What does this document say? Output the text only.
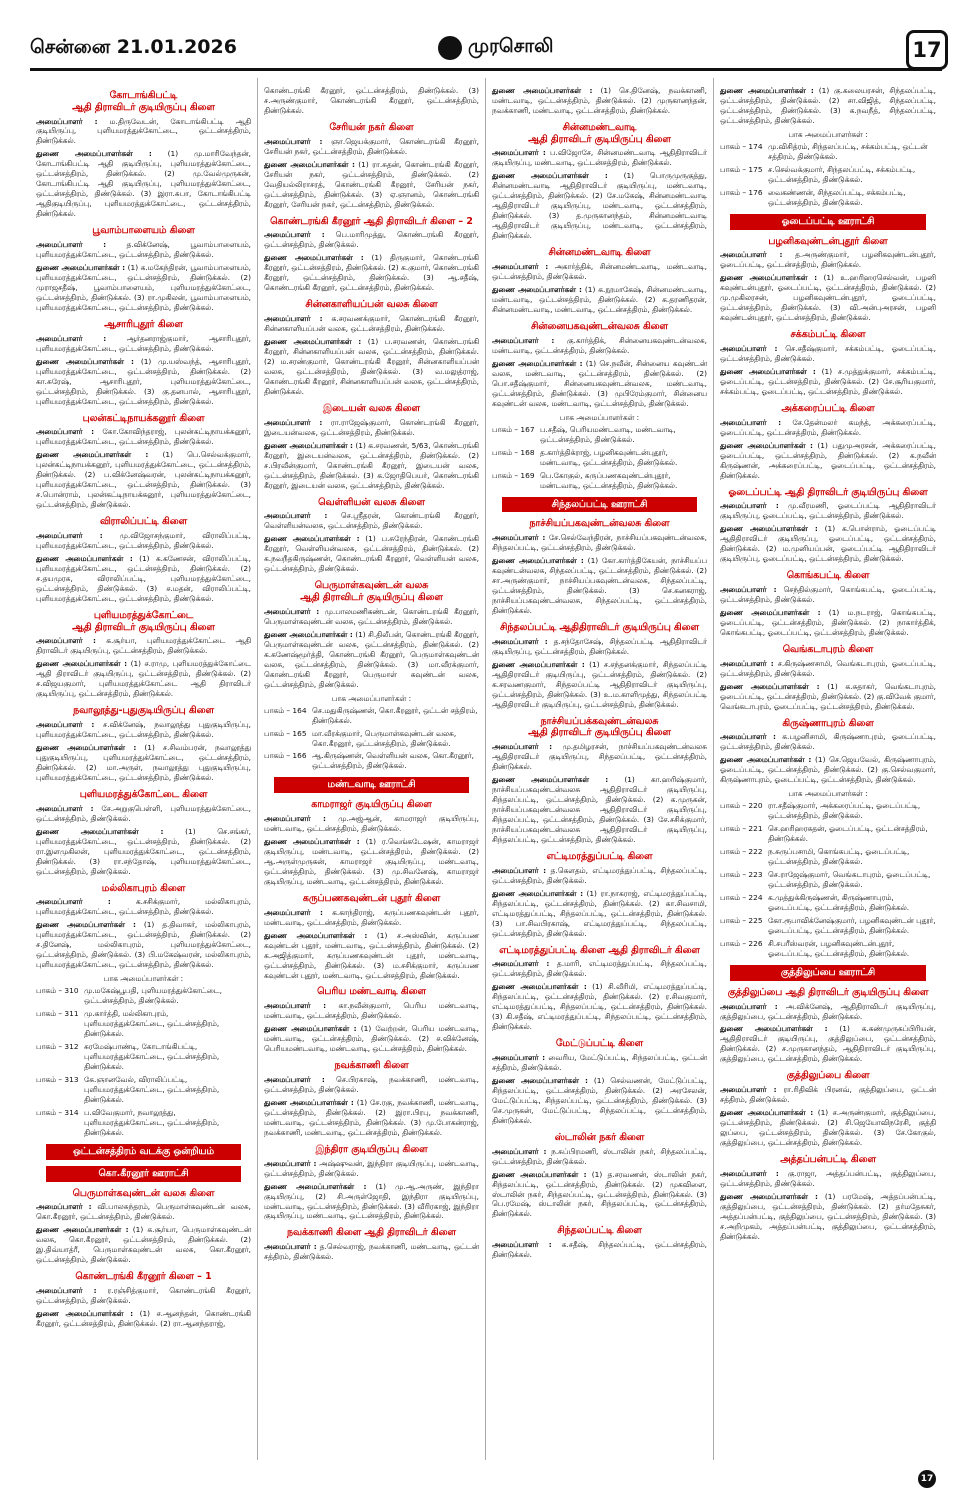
சென்னை 21.01.2026	முரசொலி	17
கோடாங்கிபட்டி
ஆதி திராவிடர் குடியிருப்பு கிளை
அமைப்பாளர் : ம.திருவேடன், கோடாங்கிபட்டி ஆதி குடியிருப்பு, புளியமரத்துக்கோட்டை, ஒட்டன்சத்திரம், திண்டுக்கல்.
துணை அமைப்பாளர்கள் : (1) மு.மாரிவேந்தன், கோடாங்கிபட்டி ஆதி குடியிருப்பு, புளியமரத்துக்கோட்டை, ஒட்டன்சத்திரம், திண்டுக்கல். (2) மு.வேல்முருகன், கோடாங்கிபட்டி ஆதி குடியிருப்பு, புளியமரத்துக்கோட்டை, ஒட்டன்சத்திரம், திண்டுக்கல். (3) இரா.சுபா, கோடாங்கிபட்டி ஆதிகுடியிருப்பு, புளியமரத்துக்கோட்டை, ஒட்டன்சத்திரம், திண்டுக்கல்.
பூவாம்பாளையம் கிளை
அமைப்பாளர் : த.விக்னேஷ், பூவாம்பாளையம், புளியமரத்துக்கோட்டை, ஒட்டன்சத்திரம், திண்டுக்கல்.
துணை அமைப்பாளர்கள் : (1) க.மகேந்திரன், பூவாம்பாளையம், புளியமரத்துக்கோட்டை, ஒட்டன்சத்திரம், திண்டுக்கல். (2) முராஜசதீஷ், பூவாம்பாளையம், புளியமரத்துக்கோட்டை, ஒட்டன்சத்திரம், திண்டுக்கல். (3) ரா.முகிலன், பூவாம்பாளையம், புளியமரத்துக்கோட்டை, ஒட்டன்சத்திரம், திண்டுக்கல்.
ஆசாரிபுதூர் கிளை
அமைப்பாளர் : ஆர்தனராஜ்குமார், ஆசாரிபுதூர், புளியமரத்துக்கோட்டை, ஒட்டன்சத்திரம், திண்டுக்கல்.
துணை அமைப்பாளர்கள் : (1) மு.யஸ்வந்த், ஆசாரிபுதூர், புளியமரத்துக்கோட்டை, ஒட்டன்சத்திரம், திண்டுக்கல். (2) கா.சுரேஷ், ஆசாரிபுதூர், புளியமரத்துக்கோட்டை, ஒட்டன்சத்திரம், திண்டுக்கல். (3) கு.தனபால், ஆசாரிபுதூர், புளியமரத்துக்கோட்டை, ஒட்டன்சத்திரம், திண்டுக்கல்.
புலன்கட்டிநாயக்கனூர் கிளை
அமைப்பாளர் : கோ.கோவிந்தராஜ், புலன்கட்டிநாயக்கனூர், புளியமரத்துக்கோட்டை, ஒட்டன்சத்திரம், திண்டுக்கல்.
துணை அமைப்பாளர்கள் : (1) பெ.செல்வக்குமார், புலன்கட்டிநாயக்கனூர், புளியமரத்துக்கோட்டை, ஒட்டன்சத்திரம், திண்டுக்கல். (2) ப.விக்னேஷ்வரன், புலன்கட்டிநாயக்கனூர், புளியமரத்துக்கோட்டை, ஒட்டன்சத்திரம், திண்டுக்கல். (3) ச.பொன்ராம், புலன்கட்டிநாயக்கனூர், புளியமரத்துக்கோட்டை, ஒட்டன்சத்திரம், திண்டுக்கல்.
விராலிப்பட்டி கிளை
அமைப்பாளர் : மு.விஜோசந்குமார், விராலிப்பட்டி, புளியமரத்துக்கோட்டை, ஒட்டன்சத்திரம், திண்டுக்கல்.
துணை அமைப்பாளர்கள் : (1) க.கணேசன், விராலிப்பட்டி, புளியமரத்துக்கோட்டை, ஒட்டன்சத்திரம், திண்டுக்கல். (2) ச.தயமுரசு, விராலிப்பட்டி, புளியமரத்துக்கோட்டை, ஒட்டன்சத்திரம், திண்டுக்கல். (3) ச.மதன், விராலிப்பட்டி, புளியமரத்துக்கோட்டை, ஒட்டன்சத்திரம், திண்டுக்கல்.
புளியமரத்துக்கோட்டை
ஆதி திராவிடர் குடியிருப்பு கிளை
அமைப்பாளர் : க.சூர்யா, புளியமரத்துக்கோட்டை ஆதி திராவிடர் குடியிருப்பு, ஒட்டன்சத்திரம், திண்டுக்கல்.
துணை அமைப்பாளர்கள் : (1) ச.ராமு, புளியமரத்துக்கோட்டை ஆதி திராவிடர் குடியிருப்பு, ஒட்டன்சத்திரம், திண்டுக்கல். (2) ச.விஜயகுமார், புளியமரத்துக்கோட்டை ஆதி திராவிடர் குடியிருப்பு, ஒட்டன்சத்திரம், திண்டுக்கல்.
நவாலூத்து-புதுகுடியிருப்பு கிளை
அமைப்பாளர் : ச.விக்னேஷ், நவாலூத்து புதுகுடியிருப்பு, புளியமரத்துக்கோட்டை, ஒட்டன்சத்திரம், திண்டுக்கல்.
துணை அமைப்பாளர்கள் : (1) ச.சிவம்பரன், நவாலூத்து புதுகுடியிருப்பு, புளியமரத்துக்கோட்டை, ஒட்டன்சத்திரம், திண்டுக்கல். (2) மா.அருள், நவாலூத்து புதுகுடியிருப்பு, புளியமரத்துக்கோட்டை, ஒட்டன்சத்திரம், திண்டுக்கல்.
புளியமரத்துக்கோட்டை கிளை
அமைப்பாளர் : சே.அறுகுபெள்ளி, புளியமரத்துக்கோட்டை, ஒட்டன்சத்திரம், திண்டுக்கல்.
துணை அமைப்பாளர்கள் : (1) செ.சங்கர், புளியமரத்துக்கோட்டை, ஒட்டன்சத்திரம், திண்டுக்கல். (2) ரா.இளமுகிலன், புளியமரத்துக்கோட்டை, ஒட்டன்சத்திரம், திண்டுக்கல். (3) ரா.சந்தோஷ், புளியமரத்துக்கோட்டை, ஒட்டன்சத்திரம், திண்டுக்கல்.
மல்லிகாபுரம் கிளை
அமைப்பாளர் : க.சசிக்குமார், மல்லிகாபுரம், புளியமரத்துக்கோட்டை, ஒட்டன்சத்திரம், திண்டுக்கல்.
துணை அமைப்பாளர்கள் : (1) த.திவாகர், மல்லிகாபுரம், புளியமரத்துக்கோட்டை, ஒட்டன்சத்திரம், திண்டுக்கல். (2) ச.தினேஷ், மல்லிகாபுரம், புளியமரத்துக்கோட்டை, ஒட்டன்சத்திரம், திண்டுக்கல். (3) பி.மகேஷ்வரன், மல்லிகாபுரம், புளியமரத்துக்கோட்டை, ஒட்டன்சத்திரம், திண்டுக்கல்.
பாக அமைப்பாளர்கள் :
பாகம் – 310 மு.மகேஷ்பூபதி, புளியமரத்துக்கோட்டை, ஒட்டன்சத்திரம், திண்டுக்கல்.
பாகம் – 311 மு.கார்த்தி, மல்லிகாபுரம், புளியமரத்துக்கோட்டை, ஒட்டன்சத்திரம், திண்டுக்கல்.
பாகம் – 312 சுரமேஷ்பாண்டி, கோடாங்கிபட்டி, புளியமரத்துக்கோட்டை, ஒட்டன்சத்திரம், திண்டுக்கல்.
பாகம் – 313 கே.ஞானவேல், விராலிப்பட்டி, புளியமரத்துக்கோட்டை, ஒட்டன்சத்திரம், திண்டுக்கல்.
பாகம் – 314 ப.விவேகுமார், நவாலூத்து, புளியமரத்துக்கோட்டை, ஒட்டன்சத்திரம், திண்டுக்கல்.
ஒட்டன்சத்திரம் வடக்கு ஒன்றியம்
கொ.கீரனூர் ஊராட்சி
பெருமாள்கவுண்டன் வலசு கிளை
அமைப்பாளர் : வி.பாலசுந்தரம், பெருமாள்கவுண்டன் வலசு, கொ.கீரனூர், ஒட்டன்சத்திரம், திண்டுக்கல்.
துணை அமைப்பாளர்கள் : (1) க.சூர்யா, பெருமாள்கவுண்டன் வலசு, கொ.கீரனூர், ஒட்டன்சத்திரம், திண்டுக்கல். (2) இ.திவ்யாத்ரீ, பெருமாள்கவுண்டன் வலசு, கொ.கீரனூர், ஒட்டன்சத்திரம், திண்டுக்கல்.
கொண்டரங்கி கீரனூர் கிளை – 1
அமைப்பாளர் : ர.ரஞ்சித்குமார், கொண்டரங்கி கீரனூர், ஒட்டன்சத்திரம், திண்டுக்கல்.
துணை அமைப்பாளர்கள் : (1) ச.ஆனந்தன், கொண்டரங்கி கீரனூர், ஒட்டன்சத்திரம், திண்டுக்கல். (2) ரா.ஆனந்தராஜ்,
கொண்டரங்கி கீரனூர், ஒட்டன்சத்திரம், திண்டுக்கல். (3) ச.அருண்குமார், கொண்டரங்கி கீரனூர், ஒட்டன்சத்திரம், திண்டுக்கல்.
சேரியன் நகர் கிளை
அமைப்பாளர் : ஞா.ஜெயக்குமார், கொண்டரங்கி கீரனூர், சேரியன் நகர், ஒட்டன்சத்திரம், திண்டுக்கல்.
துணை அமைப்பாளர்கள் : (1) ரா.சுதன், கொண்டரங்கி கீரனூர், சேரியன் நகர், ஒட்டன்சத்திரம், திண்டுக்கல். (2) வேதியல்லிராசரத், கொண்டரங்கி கீரனூர், சேரியன் நகர், ஒட்டன்சத்திரம், திண்டுக்கல். (3) ஏ.ஞானம், கொண்டரங்கி கீரனூர், சேரியன் நகர், ஒட்டன்சத்திரம், திண்டுக்கல்.
கொண்டரங்கி கீரனூர் ஆதி திராவிடர் கிளை – 2
அமைப்பாளர் : பெ.மாரிமுத்து, கொண்டரங்கி கீரனூர், ஒட்டன்சத்திரம், திண்டுக்கல்.
துணை அமைப்பாளர்கள் : (1) திருகுமார், கொண்டரங்கி கீரனூர், ஒட்டன்சத்திரம், திண்டுக்கல். (2) க.குமார், கொண்டரங்கி கீரனூர், ஒட்டன்சத்திரம், திண்டுக்கல். (3) ஆ.சதீஷ், கொண்டரங்கி கீரனூர், ஒட்டன்சத்திரம், திண்டுக்கல்.
சின்னகாளியப்பன் வலசு கிளை
அமைப்பாளர் : க.சரவணக்குமார், கொண்டரங்கி கீரனூர், சின்னகாளியப்பன் வலசு, ஒட்டன்சத்திரம், திண்டுக்கல்.
துணை அமைப்பாளர்கள் : (1) ப.சரவணன், கொண்டரங்கி கீரனூர், சின்னகாளியப்பன் வலசு, ஒட்டன்சத்திரம், திண்டுக்கல். (2) ம.சரண்குமார், கொண்டரங்கி கீரனூர், சின்னகாளியப்பன் வலசு, ஒட்டன்சத்திரம், திண்டுக்கல். (3) வ.மலுத்ராஜ், கொண்டரங்கி கீரனூர், சின்னகாளியப்பன் வலசு, ஒட்டன்சத்திரம், திண்டுக்கல்.
இடையன் வலசு கிளை
அமைப்பாளர் : ரா.ராஜேஷ்குமார், கொண்டரங்கி கீரனூர், இடையன்வலசு, ஒட்டன்சத்திரம், திண்டுக்கல்.
துணை அமைப்பாளர்கள் : (1) க.சரவணன், 5/63, கொண்டரங்கி கீரனூர், இடையன்வலசு, ஒட்டன்சத்திரம், திண்டுக்கல். (2) ச.பிரவீன்குமார், கொண்டரங்கி கீரனூர், இடையன் வலசு, ஒட்டன்சத்திரம், திண்டுக்கல். (3) க.ஜோதிபெயர், கொண்டரங்கி கீரனூர், இடையன் வலசு, ஒட்டன்சத்திரம், திண்டுக்கல்.
வெள்ளியன் வலசு கிளை
அமைப்பாளர் : செ.ஸ்ரீதரன், கொண்டரங்கி கீரனூர், வெள்ளியன்வலசு, ஒட்டன்சத்திரம், திண்டுக்கல்.
துணை அமைப்பாளர்கள் : (1) ப.சுரேந்திரன், கொண்டரங்கி கீரனூர், வெள்ளியன்வலசு, ஒட்டன்சத்திரம், திண்டுக்கல். (2) க.நவநீதகிருஷ்ணன், கொண்டரங்கி கீரனூர், வெள்ளியன் வலசு, ஒட்டன்சத்திரம், திண்டுக்கல்.
பெருமாள்கவுண்டன் வலசு
ஆதி திராவிடர் குடியிருப்பு கிளை
அமைப்பாளர் : மு.பாலமணிகண்டன், கொண்டரங்கி கீரனூர், பெருமாள்கவுண்டன் வலசு, ஒட்டன்சத்திரம், திண்டுக்கல்.
துணை அமைப்பாளர்கள் : (1) சி.திலீபன், கொண்டரங்கி கீரனூர், பெருமாள்கவுண்டன் வலசு, ஒட்டன்சத்திரம், திண்டுக்கல். (2) க.கணேஷ்மூர்த்தி, கொண்டரங்கி கீரனூர், பெருமாள்கவுண்டன் வலசு, ஒட்டன்சத்திரம், திண்டுக்கல். (3) மா.வீரக்குமார், கொண்டரங்கி கீரனூர், பெருமாள் கவுண்டன் வலசு, ஒட்டன்சத்திரம், திண்டுக்கல்.
பாக அமைப்பாளர்கள் :
பாகம் – 164 செ.மதுகிருஷ்ணன், கொ.கீரனூர், ஒட்டன் சத்திரம், திண்டுக்கல்.
பாகம் – 165 மா.வீரக்குமார், பெருமாள்கவுண்டன் வலசு, கொ.கீரனூர், ஒட்டன்சத்திரம், திண்டுக்கல்.
பாகம் – 166 ஆ.கிருஷ்ணன், வெள்ளியன் வலசு, கொ.கீரனூர், ஒட்டன்சத்திரம், திண்டுக்கல்.
மண்டவாடி ஊராட்சி
காமராஜர் குடியிருப்பு கிளை
அமைப்பாளர் : மு.அஜ்ஆன், காமராஜர் குடியிருப்பு, மண்டவாடி, ஒட்டன்சத்திரம், திண்டுக்கல்.
துணை அமைப்பாளர்கள் : (1) ர.வெங்கடேஷன், காமராஜர் குடியிருப்பு, மண்டவாடி, ஒட்டன்சத்திரம், திண்டுக்கல். (2) ஆ.அருள்முருகன், காமராஜர் குடியிருப்பு, மண்டவாடி, ஒட்டன்சத்திரம், திண்டுக்கல். (3) மு.சிவனேஷ், காமராஜர் குடியிருப்பு, மண்டவாடி, ஒட்டன்சத்திரம், திண்டுக்கல்.
கருப்பணகவுண்டன் புதூர் கிளை
அமைப்பாளர் : க.காந்திராஜ், கருப்பணகவுண்டன் புதூர், மண்டவாடி, ஒட்டன்சத்திரம், திண்டுக்கல்.
துணை அமைப்பாளர்கள் : (1) ச.அஸ்வின், கருப்பண கவுண்டன் புதூர், மண்டவாடி, ஒட்டன்சத்திரம், திண்டுக்கல். (2) க.அஜித்குமார், கருப்பணகவுண்டன் புதூர், மண்டவாடி, ஒட்டன்சத்திரம், திண்டுக்கல். (3) ம.சசிக்குமார், கருப்பண கவுண்டன் புதூர், மண்டவாடி, ஒட்டன்சத்திரம், திண்டுக்கல்.
பெரிய மண்டவாடி கிளை
அமைப்பாளர் : கா.நவீன்குமார், பெரிய மண்டவாடி, மண்டவாடி, ஒட்டன்சத்திரம், திண்டுக்கல்.
துணை அமைப்பாளர்கள் : (1) வேற்றன், பெரிய மண்டவாடி, மண்டவாடி, ஒட்டன்சத்திரம், திண்டுக்கல். (2) ச.விக்னேஷ், பெரியமண்டவாடி, மண்டவாடி, ஒட்டன்சத்திரம், திண்டுக்கல்.
நவக்காணி கிளை
அமைப்பாளர் : செ.பிரகாஷ், நவக்காணி, மண்டவாடி, ஒட்டன்சத்திரம், திண்டுக்கல்.
துணை அமைப்பாளர்கள் : (1) சே.ரகு, நவக்காணி, மண்டவாடி, ஒட்டன்சத்திரம், திண்டுக்கல். (2) இரா.பிரபு, நவக்காணி, மண்டவாடி, ஒட்டன்சத்திரம், திண்டுக்கல். (3) மு.போகன்ராஜ், நவக்காணி, மண்டவாடி, ஒட்டன்சத்திரம், திண்டுக்கல்.
இந்திரா குடியிருப்பு கிளை
அமைப்பாளர் : அஷ்ஷுவன், இந்திரா குடியிருப்பு, மண்டவாடி, ஒட்டன்சத்திரம், திண்டுக்கல்.
துணை அமைப்பாளர்கள் : (1) மு.ஆ.அருண், இந்திரா குடியிருப்பு, (2) சி.அருள்ஜோதி, இந்திரா குடியிருப்பு, மண்டவாடி, ஒட்டன்சத்திரம், திண்டுக்கல். (3) வீரிரகாஜ், இந்திரா குடியிருப்பு, மண்டவாடி, ஒட்டன்சத்திரம், திண்டுக்கல்.
நவக்காணி கிளை ஆதி திராவிடர் கிளை
அமைப்பாளர் : த.செல்வராஜ், நவக்காணி, மண்டவாடி, ஒட்டன் சத்திரம், திண்டுக்கல்.
துணை அமைப்பாளர்கள் : (1) செ.தினேஷ், நவக்காணி, மண்டவாடி, ஒட்டன்சத்திரம், திண்டுக்கல். (2) முருகானந்தன், நவக்காணி, மண்டவாடி, ஒட்டன்சத்திரம், திண்டுக்கல்.
சின்னமண்டவாடி
ஆதி திராவிடர் குடியிருப்பு கிளை
அமைப்பாளர் : ப.விஜோசே, சின்னமண்டவாடி ஆதிதிராவிடர் குடியிருப்பு, மண்டவாடி, ஒட்டன்சத்திரம், திண்டுக்கல்.
துணை அமைப்பாளர்கள் : (1) பொருமுருகுத்து, சின்னமண்டவாடி ஆதிதிராவிடர் குடியிருப்பு, மண்டவாடி, ஒட்டன்சத்திரம், திண்டுக்கல். (2) சே.மகேஷ், சின்னமண்டவாடி ஆதிதிராவிடர் குடியிருப்பு, மண்டவாடி, ஒட்டன்சத்திரம், திண்டுக்கல். (3) த.முருகானந்தம், சின்னமண்டவாடி ஆதிதிராவிடர் குடியிருப்பு, மண்டவாடி, ஒட்டன்சத்திரம், திண்டுக்கல்.
சின்னமண்டவாடி கிளை
அமைப்பாளர் : அகார்த்திக், சின்னமண்டவாடி, மண்டவாடி, ஒட்டன்சத்திரம், திண்டுக்கல்.
துணை அமைப்பாளர்கள் : (1) க.நூமாகேஷ், சின்னமண்டவாடி, மண்டவாடி, ஒட்டன்சத்திரம், திண்டுக்கல். (2) க.தரணிதரன், சின்னமண்டவாடி, மண்டவாடி, ஒட்டன்சத்திரம், திண்டுக்கல்.
சின்னையகவுண்டன்வலசு கிளை
அமைப்பாளர் : கு.கார்த்திக், சின்னையகவுண்டன்வலசு, மண்டவாடி, ஒட்டன்சத்திரம், திண்டுக்கல்.
துணை அமைப்பாளர்கள் : (1) செ.நவீன், சின்னைய கவுண்டன் வலசு, மண்டவாடி, ஒட்டன்சத்திரம், திண்டுக்கல். (2) பொ.சதீஷ்குமார், சின்னையகவுண்டன்வலசு, மண்டவாடி, ஒட்டன்சத்திரம், திண்டுக்கல். (3) முபிரேம்குமார், சின்னைய கவுண்டன் வலசு, மண்டவாடி, ஒட்டன்சத்திரம், திண்டுக்கல்.
பாக அமைப்பாளர்கள் :
பாகம் – 167 ப.சதீஷ், பெரியமண்டவாடி, மண்டவாடி, ஒட்டன்சத்திரம், திண்டுக்கல்.
பாகம் – 168 த.கார்த்திக்ராஜ், பழனிகவுண்டன்புதூர், மண்டவாடி, ஒட்டன்சத்திரம், திண்டுக்கல்.
பாகம் – 169 பெ.கோகுல், கருப்பணகவுண்டன்புதூர், மண்டவாடி, ஒட்டன்சத்திரம், திண்டுக்கல்.
சிந்தலப்பட்டி ஊராட்சி
நாச்சியப்பகவுண்டன்வலசு கிளை
அமைப்பாளர் : சே.செல்வேந்திரன், நாச்சியப்பகவுண்டன்வலசு, சிந்தலப்பட்டி, ஒட்டன்சத்திரம், திண்டுக்கல்.
துணை அமைப்பாளர்கள் : (1) கோ.கார்த்திகேயன், நாச்சியப்ப கவுண்டன்வலசு, சிந்தலப்பட்டி, ஒட்டன்சத்திரம், திண்டுக்கல். (2) சா.அருண்குமார், நாச்சியப்பகவுண்டன்வலசு, சிந்தலப்பட்டி, ஒட்டன்சத்திரம், திண்டுக்கல். (3) செ.கனகராஜ், நாச்சியப்பகவுண்டன்வலசு, சிந்தலப்பட்டி, ஒட்டன்சத்திரம், திண்டுக்கல்.
சிந்தலப்பட்டி ஆதிதிராவிடர் குடியிருப்பு கிளை
அமைப்பாளர் : த.சந்தோசேஷ், சிந்தலப்பட்டி ஆதிதிராவிடர் குடியிருப்பு, ஒட்டன்சத்திரம், திண்டுக்கல்.
துணை அமைப்பாளர்கள் : (1) ச.சந்தனக்குமார், சிந்தலப்பட்டி ஆதிதிராவிடர் குடியிருப்பு, ஒட்டன்சத்திரம், திண்டுக்கல். (2) க.சரவணகுமார், சிந்தலப்பட்டி ஆதிதிராவிடர் குடியிருப்பு, ஒட்டன்சத்திரம், திண்டுக்கல். (3) உ.ம.காளிமுத்து, சிந்தலப்பட்டி ஆதிதிராவிடர் குடியிருப்பு, ஒட்டன்சத்திரம், திண்டுக்கல்.
நாச்சியப்பக்கவுண்டன்வலசு
ஆதி திராவிடர் குடியிருப்பு கிளை
அமைப்பாளர் : மு.தமிழரசன், நாச்சியப்பகவுண்டன்வலசு ஆதிதிராவிடர் குடியிருப்பு, சிந்தலப்பட்டி, ஒட்டன்சத்திரம், திண்டுக்கல்.
துணை அமைப்பாளர்கள் : (1) கா.ஹரிஷ்குமார், நாச்சியப்பகவுண்டன்வலசு ஆதிதிராவிடர் குடியிருப்பு, சிந்தலப்பட்டி, ஒட்டன்சத்திரம், திண்டுக்கல். (2) க.முருகன், நாச்சியப்பகவுண்டன்வலசு ஆதிதிராவிடர் குடியிருப்பு, சிந்தலப்பட்டி, ஒட்டன்சத்திரம், திண்டுக்கல். (3) சே.சசிக்குமார், நாச்சியப்பகவுண்டன்வலசு ஆதிதிராவிடர் குடியிருப்பு, சிந்தலப்பட்டி, ஒட்டன்சத்திரம், திண்டுக்கல்.
எட்டிமரத்துப்பட்டி கிளை
அமைப்பாளர் : த.கௌதம், எட்டிமரத்துப்பட்டி, சிந்தலப்பட்டி, ஒட்டன்சத்திரம், திண்டுக்கல்.
துணை அமைப்பாளர்கள் : (1) ரா.நாகராஜ், எட்டிமரத்துப்பட்டி, சிந்தலப்பட்டி, ஒட்டன்சத்திரம், திண்டுக்கல். (2) கா.சிவசாமி, எட்டிமரத்துப்பட்டி, சிந்தலப்பட்டி, ஒட்டன்சத்திரம், திண்டுக்கல். (3) பா.சிவபிரகாஷ், எட்டிமரத்துப்பட்டி, சிந்தலப்பட்டி, ஒட்டன்சத்திரம், திண்டுக்கல்.
எட்டிமரத்துப்பட்டி கிளை ஆதி திராவிடர் கிளை
அமைப்பாளர் : த.மாரி, எட்டிமரத்துப்பட்டி, சிந்தலப்பட்டி, ஒட்டன்சத்திரம், திண்டுக்கல்.
துணை அமைப்பாளர்கள் : (1) சி.வீரிமி, எட்டிமரத்துப்பட்டி, சிந்தலப்பட்டி, ஒட்டன்சத்திரம், திண்டுக்கல். (2) ர.சிவகுமார், எட்டிமரத்துப்பட்டி, சிந்தலப்பட்டி, ஒட்டன்சத்திரம், திண்டுக்கல். (3) கி.சதீஷ், எட்டிமரத்துப்பட்டி, சிந்தலப்பட்டி, ஒட்டன்சத்திரம், திண்டுக்கல்.
மேட்டுப்பட்டி கிளை
அமைப்பாளர் : வைரிய, மேட்டுப்பட்டி, சிந்தலப்பட்டி, ஒட்டன் சத்திரம், திண்டுக்கல்.
துணை அமைப்பாளர்கள் : (1) செல்வணன், மேட்டுப்பட்டி, சிந்தலப்பட்டி, ஒட்டன்சத்திரம், திண்டுக்கல். (2) அரசேலன், மேட்டுப்பட்டி, சிந்தலப்பட்டி, ஒட்டன்சத்திரம், திண்டுக்கல். (3) செ.முருகன், மேட்டுப்பட்டி, சிந்தலப்பட்டி, ஒட்டன்சத்திரம், திண்டுக்கல்.
ஸ்டாலின் நகர் கிளை
அமைப்பாளர் : ந.சுப்பிரமணி, ஸ்டாலின் நகர், சிந்தலப்பட்டி, ஒட்டன்சத்திரம், திண்டுக்கல்.
துணை அமைப்பாளர்கள் : (1) த.சரவணன், ஸ்டாலின் நகர், சிந்தலப்பட்டி, ஒட்டன்சத்திரம், திண்டுக்கல். (2) முகவிளை, ஸ்டாலின் நகர், சிந்தலப்பட்டி, ஒட்டன்சத்திரம், திண்டுக்கல். (3) பெ.ரமேஷ், ஸ்டாலின் நகர், சிந்தலப்பட்டி, ஒட்டன்சத்திரம், திண்டுக்கல்.
சிந்தலப்பட்டி கிளை
அமைப்பாளர் : க.சதீஷ், சிந்தலப்பட்டி, ஒட்டன்சத்திரம், திண்டுக்கல்.
துணை அமைப்பாளர்கள் : (1) கு.கலையரசன், சிந்தலப்பட்டி, ஒட்டன்சத்திரம், திண்டுக்கல். (2) சா.விஜித், சிந்தலப்பட்டி, ஒட்டன்சத்திரம், திண்டுக்கல். (3) க.நவநீத், சிந்தலப்பட்டி, ஒட்டன்சத்திரம், திண்டுக்கல்.
பாக அமைப்பாளர்கள் :
பாகம் – 174 மு.விசித்ரம், சிந்தலப்பட்டி, சக்கம்பட்டி, ஒட்டன் சத்திரம், திண்டுக்கல்.
பாகம் – 175 ச.செல்வக்குமார், சிந்தலப்பட்டி, சக்கம்பட்டி, ஒட்டன்சத்திரம், திண்டுக்கல்.
பாகம் – 176 வைகண்ணன், சிந்தலப்பட்டி, சக்கம்பட்டி, ஒட்டன்சத்திரம், திண்டுக்கல்.
ஓடைப்பட்டி ஊராட்சி
பழனிகவுண்டன்புதூர் கிளை
அமைப்பாளர் : த.அருண்குமார், பழனிகவுண்டன்புதூர், ஓடைப்பட்டி, ஒட்டன்சத்திரம், திண்டுக்கல்.
துணை அமைப்பாளர்கள் : (1) உ.ஹரிஹரசெல்வன், பழனி கவுண்டன்புதூர், ஓடைப்பட்டி, ஒட்டன்சத்திரம், திண்டுக்கல். (2) மு.முகிலரசன், பழனிகவுண்டன்புதூர், ஓடைப்பட்டி, ஒட்டன்சத்திரம், திண்டுக்கல். (3) வி.அன்புஅரசன், பழனி கவுண்டன்புதூர், ஒட்டன்சத்திரம், திண்டுக்கல்.
சக்கம்பட்டி கிளை
அமைப்பாளர் : செ.சதீஷ்குமார், சக்கம்பட்டி, ஓடைப்பட்டி, ஒட்டன்சத்திரம், திண்டுக்கல்.
துணை அமைப்பாளர்கள் : (1) ச.முத்துக்குமார், சக்கம்பட்டி, ஓடைப்பட்டி, ஒட்டன்சத்திரம், திண்டுக்கல். (2) சே.சூரியகுமார், சக்கம்பட்டி, ஓடைப்பட்டி, ஒட்டன்சத்திரம், திண்டுக்கல்.
அக்கரைப்பட்டி கிளை
அமைப்பாளர் : சே.தேன்மலர் கமந்த், அக்கரைப்பட்டி, ஓடைப்பட்டி, ஒட்டன்சத்திரம், திண்டுக்கல்.
துணை அமைப்பாளர்கள் : (1) பதுமுஅரசன், அக்கரைப்பட்டி, ஓடைப்பட்டி, ஒட்டன்சத்திரம், திண்டுக்கல். (2) க.நவீன் கிருஷ்ணன், அக்கரைப்பட்டி, ஓடைப்பட்டி, ஒட்டன்சத்திரம், திண்டுக்கல்.
ஓடைப்பட்டி ஆதி திராவிடர் குடியிருப்பு கிளை
அமைப்பாளர் : மு.வீரமணி, ஓடைப்பட்டி ஆதிதிராவிடர் குடியிருப்பு, ஓடைப்பட்டி, ஒட்டன்சத்திரம், திண்டுக்கல்.
துணை அமைப்பாளர்கள் : (1) க.பொன்ராம், ஓடைப்பட்டி ஆதிதிராவிடர் குடியிருப்பு, ஓடைப்பட்டி, ஒட்டன்சத்திரம், திண்டுக்கல். (2) ம.முனியப்பன், ஓடைப்பட்டி ஆதிதிராவிடர் குடியிருப்பு, ஓடைப்பட்டி, ஒட்டன்சத்திரம், திண்டுக்கல்.
கொங்கபட்டி கிளை
அமைப்பாளர் : செந்தில்குமார், கொங்கபட்டி, ஓடைப்பட்டி, ஒட்டன்சத்திரம், திண்டுக்கல்.
துணை அமைப்பாளர்கள் : (1) ம.நடராஜ், கொங்கபட்டி, ஓடைப்பட்டி, ஒட்டன்சத்திரம், திண்டுக்கல். (2) நாகார்த்திக், கொங்கபட்டி, ஓடைப்பட்டி, ஒட்டன்சத்திரம், திண்டுக்கல்.
வெங்கடாபுரம் கிளை
அமைப்பாளர் : ச.கிருஷ்ணசாமி, வெங்கடாபுரம், ஓடைப்பட்டி, ஒட்டன்சத்திரம், திண்டுக்கல்.
துணை அமைப்பாளர்கள் : (1) க.சுதாகர், வெங்கடாபுரம், ஓடைப்பட்டி, ஒட்டன்சத்திரம், திண்டுக்கல். (2) கு.விவேக் குமார், வெங்கடாபுரம், ஓடைப்பட்டி, ஒட்டன்சத்திரம், திண்டுக்கல்.
கிருஷ்ணாபுரம் கிளை
அமைப்பாளர் : க.பழனிசாமி, கிருஷ்ணாபுரம், ஓடைப்பட்டி, ஒட்டன்சத்திரம், திண்டுக்கல்.
துணை அமைப்பாளர்கள் : (1) செ.ஜெயவேல், கிருஷ்ணாபுரம், ஓடைப்பட்டி, ஒட்டன்சத்திரம், திண்டுக்கல். (2) கு.செல்வகுமார், கிருஷ்ணாபுரம், ஓடைப்பட்டி, ஒட்டன்சத்திரம், திண்டுக்கல்.
பாக அமைப்பாளர்கள் :
பாகம் – 220 ரா.சதீஷ்குமார், அக்கரைப்பட்டி, ஓடைப்பட்டி, ஒட்டன்சத்திரம், திண்டுக்கல்.
பாகம் – 221 செ.ஹரிஹரசுதன், ஓடைப்பட்டி, ஒட்டன்சத்திரம், திண்டுக்கல்.
பாகம் – 222 ந.சுருப்பசாமி, கொங்கபட்டி, ஓடைப்பட்டி, ஒட்டன்சத்திரம், திண்டுக்கல்.
பாகம் – 223 செ.ராஜேஷ்குமார், வெங்கடாபுரம், ஓடைப்பட்டி, ஒட்டன்சத்திரம், திண்டுக்கல்.
பாகம் – 224 க.முத்துக்கிருஷ்ணன், கிருஷ்ணாபுரம், ஓடைப்பட்டி, ஒட்டன்சத்திரம், திண்டுக்கல்.
பாகம் – 225 கோ.ரூபாவிக்னேஷ்குமார், பழனிகவுண்டன் புதூர், ஓடைப்பட்டி, ஒட்டன்சத்திரம், திண்டுக்கல்.
பாகம் – 226 சி.சபரீஸ்வரன், பழனிகவுண்டன்புதூர், ஓடைப்பட்டி, ஒட்டன்சத்திரம், திண்டுக்கல்.
குத்திலுப்பை ஊராட்சி
குத்திலுப்பை ஆதி திராவிடர் குடியிருப்பு கிளை
அமைப்பாளர் : அ.விக்னேஷ், ஆதிதிராவிடர் குடியிருப்பு, குத்திலுப்பை, ஒட்டன்சத்திரம், திண்டுக்கல்.
துணை அமைப்பாளர்கள் : (1) க.கண்முருகப்பிரியன், ஆதிதிராவிடர் குடியிருப்பு, குத்திலுப்பை, ஒட்டன்சத்திரம், திண்டுக்கல். (2) ச.முருகானந்தம், ஆதிதிராவிடர் குடியிருப்பு, குத்திலுப்பை, ஒட்டன்சத்திரம், திண்டுக்கல்.
குத்திலுப்பை கிளை
அமைப்பாளர் : ரா.ரிதிவிக் பிரனவ், குத்திலுப்பை, ஒட்டன் சத்திரம், திண்டுக்கல்.
துணை அமைப்பாளர்கள் : (1) ச.அருண்குமார், குத்திலுப்பை, ஒட்டன்சத்திரம், திண்டுக்கல். (2) சி.ஜெயோவிநரேசி, குத்தி லுப்பை, ஒட்டன்சத்திரம், திண்டுக்கல். (3) சே.கோகுல், குத்திலுப்பை, ஒட்டன்சத்திரம், திண்டுக்கல்.
அத்தப்பன்பட்டி கிளை
அமைப்பாளர் : கு.ராஜா, அத்தப்பன்பட்டி, குத்திலுப்பை, ஒட்டன்சத்திரம், திண்டுக்கல்.
துணை அமைப்பாளர்கள் : (1) பரமேஷ், அத்தப்பன்பட்டி, குத்திலுப்பை, ஒட்டன்சத்திரம், திண்டுக்கல். (2) தர்மதேசுகர், அத்தப்பன்பட்டி, குத்திலுப்பை, ஒட்டன்சத்திரம், திண்டுக்கல். (3) ச.அறிமுகம், அத்தப்பன்பட்டி, குத்திலுப்பை, ஒட்டன்சத்திரம், திண்டுக்கல்.
17
